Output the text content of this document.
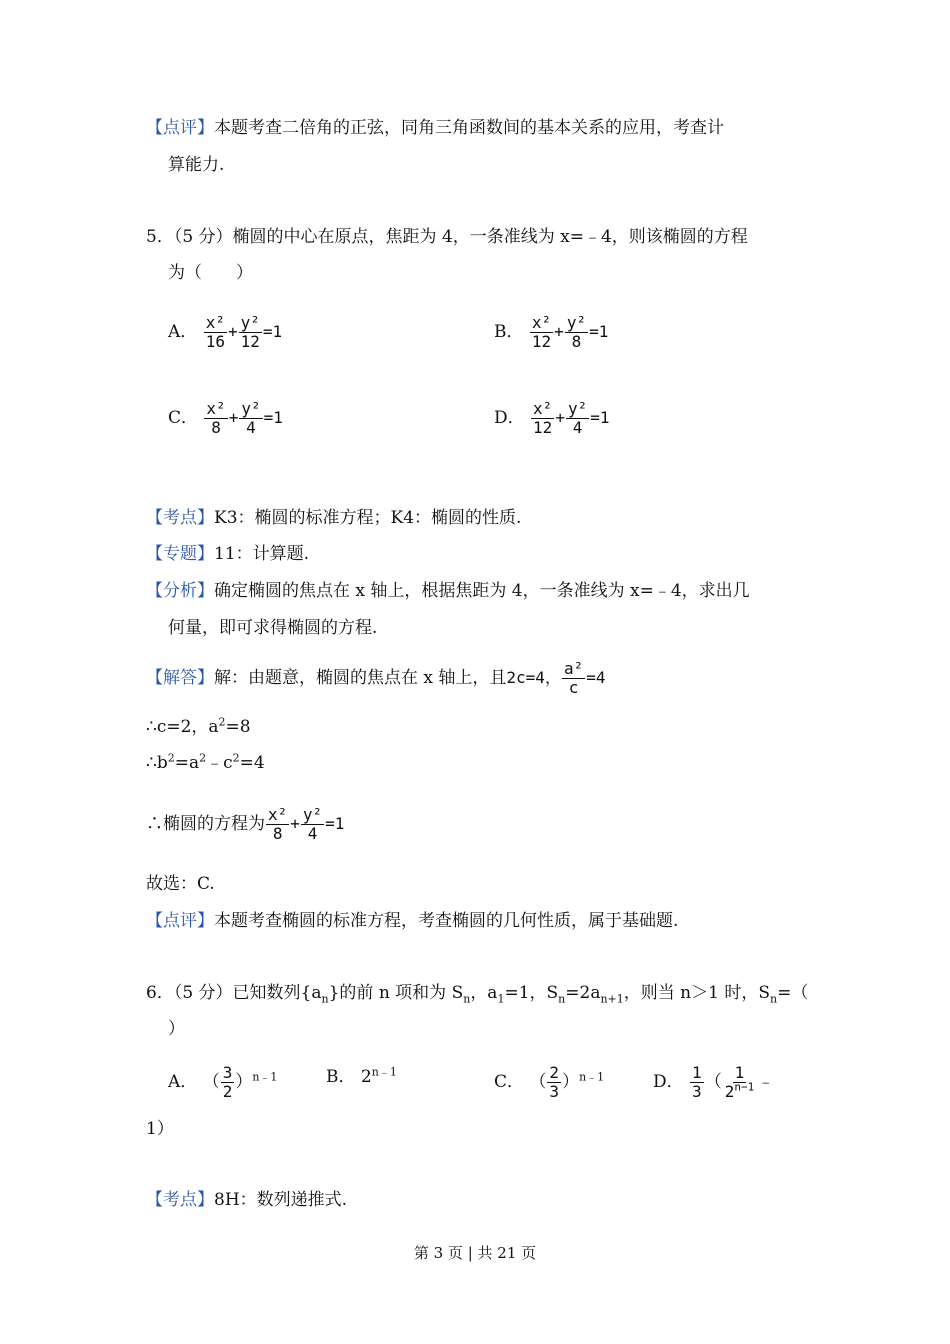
【点评】本题考查二倍角的正弦，同角三角函数间的基本关系的应用，考查计
算能力.
5．（5 分）椭圆的中心在原点，焦距为 4，一条准线为 x=﹣4，则该椭圆的方程
为（　　）
A． $\frac{\text{x²}}{16} + \frac{\text{y²}}{12} =1$	B． $\frac{\text{x²}}{12} + \frac{\text{y²}}{8} =1$
C． $\frac{\text{x²}}{8} + \frac{\text{y²}}{4} =1$	D． $\frac{\text{x²}}{12} + \frac{\text{y²}}{4} =1$
【考点】K3：椭圆的标准方程；K4：椭圆的性质.
【专题】11：计算题.
【分析】确定椭圆的焦点在 x 轴上，根据焦距为 4，一条准线为 x=﹣4，求出几
何量，即可求得椭圆的方程.
【解答】解：由题意，椭圆的焦点在 x 轴上，且2c=4， $\frac{\text{a²}}{c} =4$
∴c=2，$a^2=8$
$\therefore b^2=a^2﹣c^2=4$
∴椭圆的方程为 $\frac{\text{x²}}{8} + \frac{\text{y²}}{4} =1$
故选：C.
【点评】本题考查椭圆的标准方程，考查椭圆的几何性质，属于基础题.
6．（5 分）已知数列$\{a_n\}$的前 n 项和为 $S_n$，$a_1=1$，$S_n=2a_{n+1}$，则当 n＞1 时，$S_n=$（
）
A． （ $\frac{3}{2} )^{n﹣1}$	B． $2^{n﹣1}$
C． （ $\frac{2}{3} )^{n﹣1}$	D． $\frac{1}{3}$ （ $\frac{1}{2^{n-1}}$ ﹣
1）
【考点】8H：数列递推式.
第 3 页 | 共 21 页
